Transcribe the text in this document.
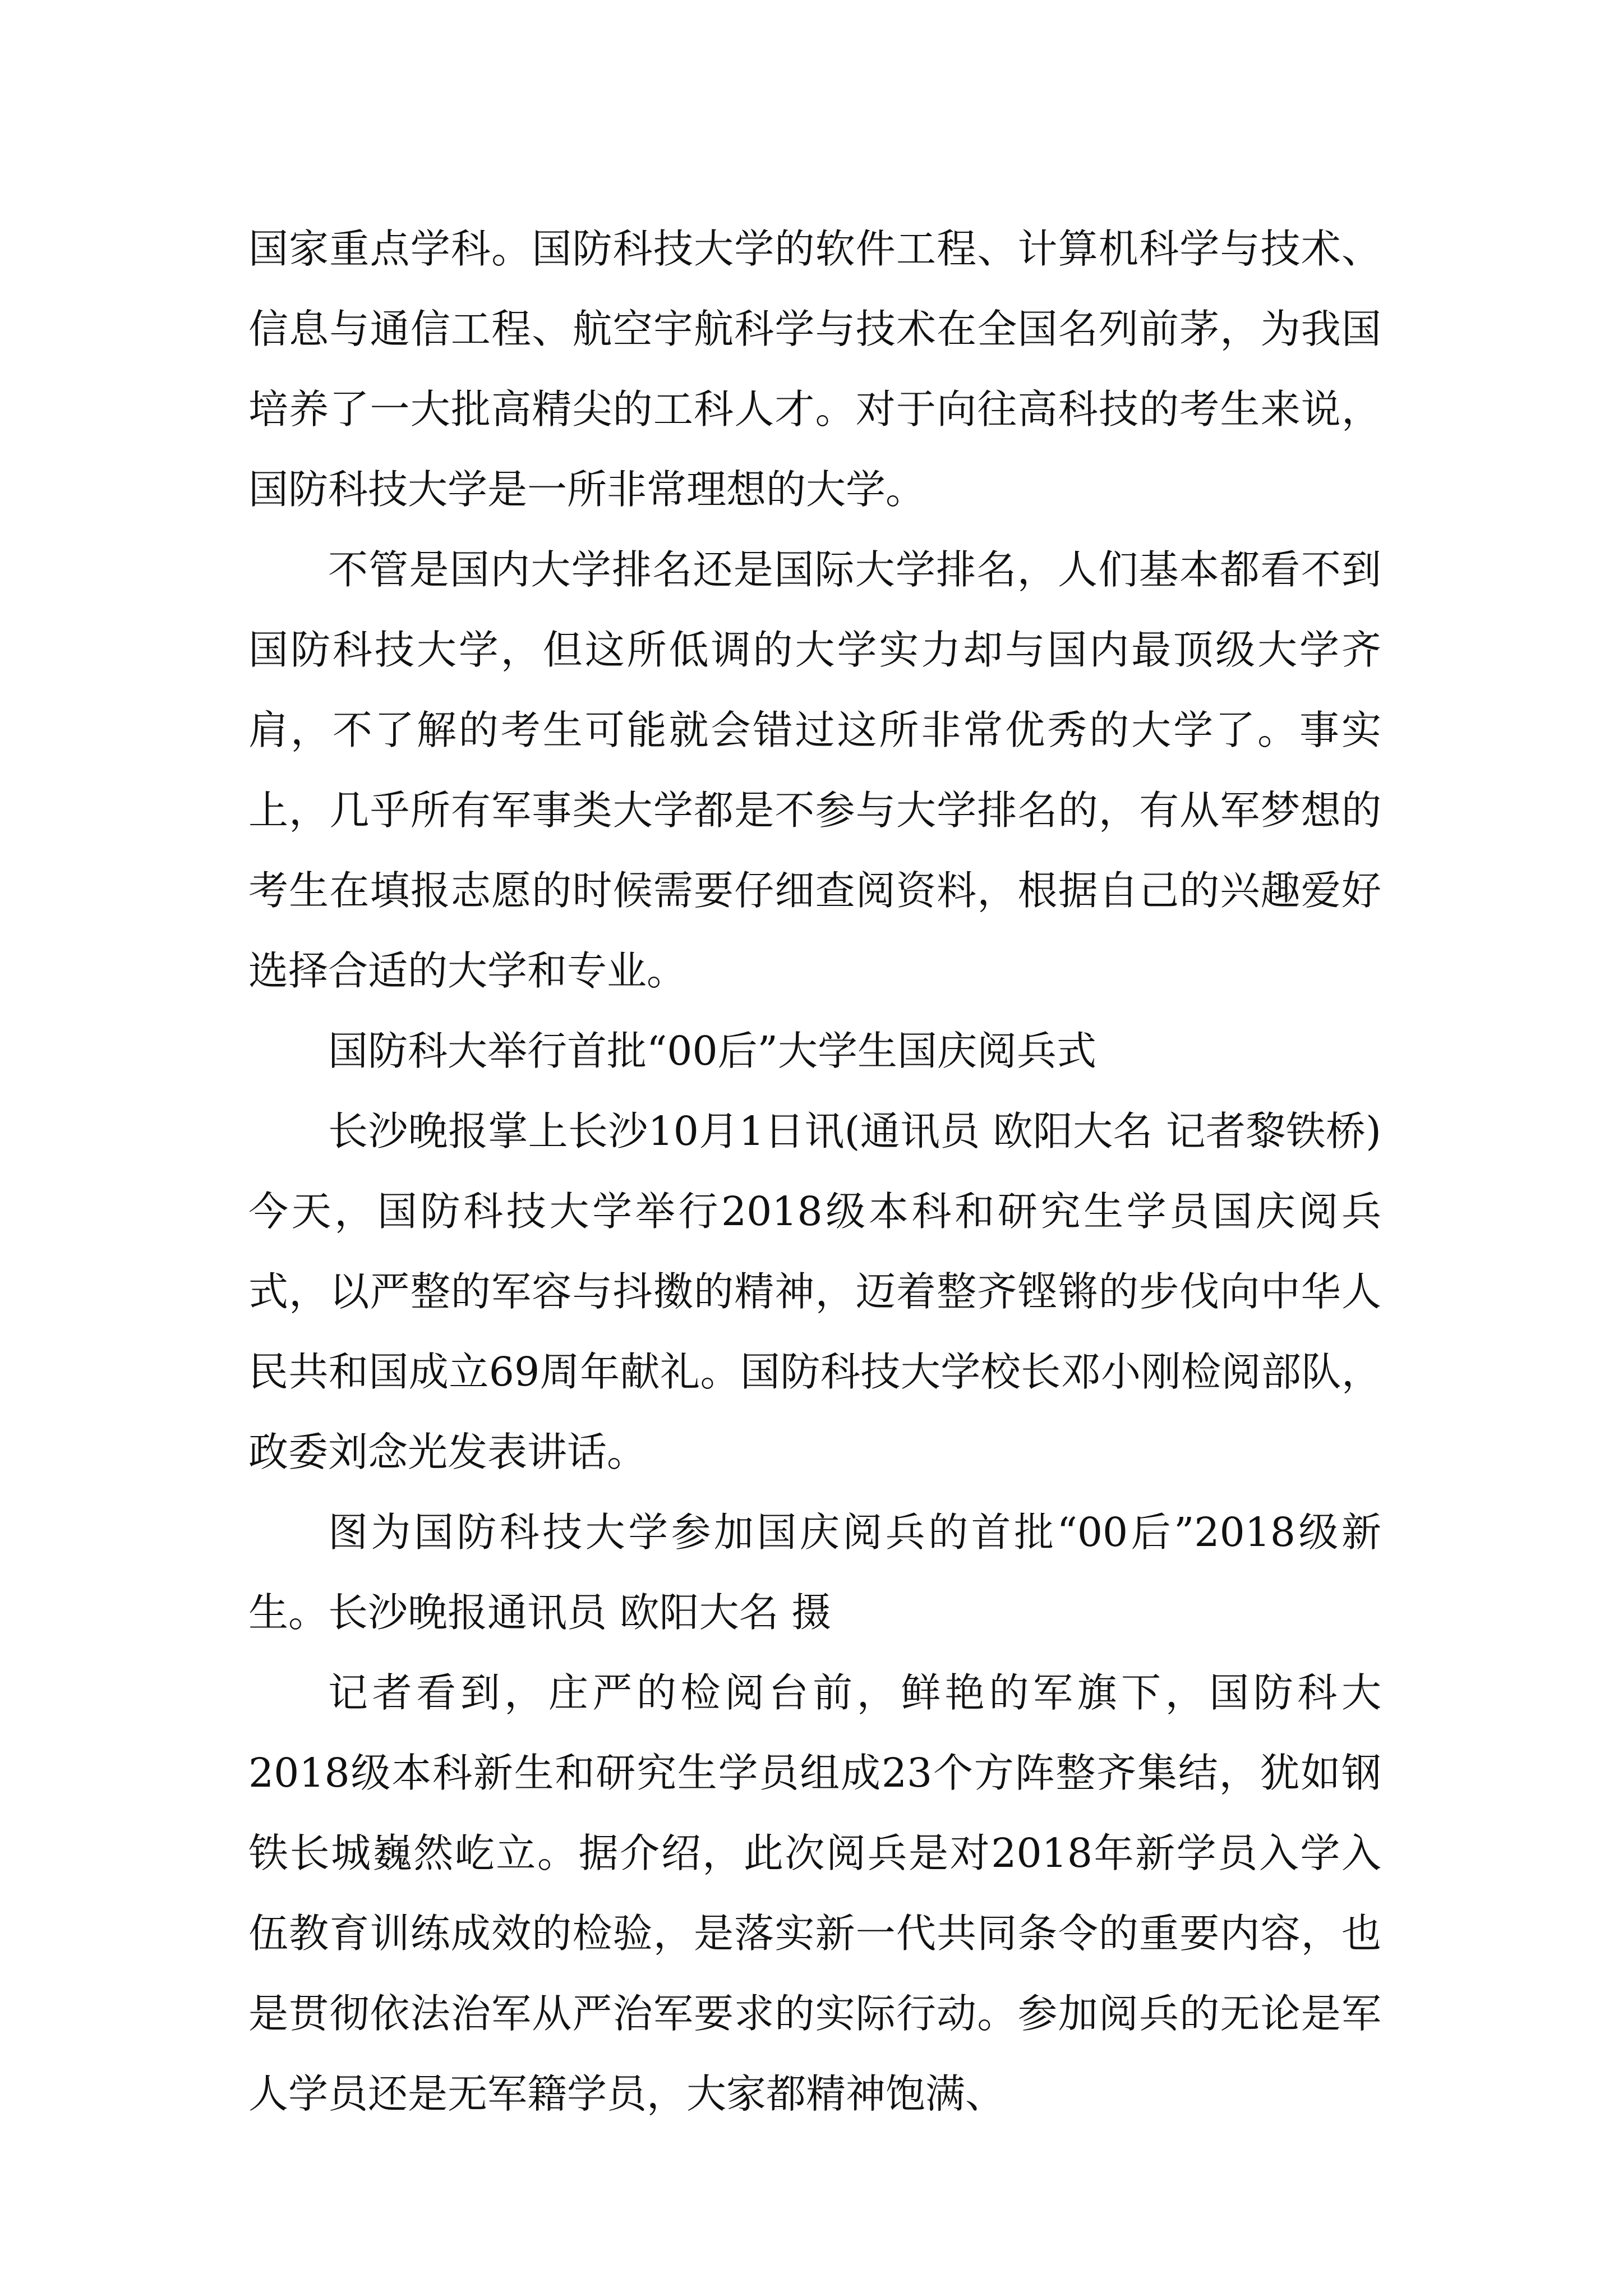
国家重点学科。国防科技大学的软件工程、计算机科学与技术、信息与通信工程、航空宇航科学与技术在全国名列前茅，为我国培养了一大批高精尖的工科人才。对于向往高科技的考生来说，国防科技大学是一所非常理想的大学。

不管是国内大学排名还是国际大学排名，人们基本都看不到国防科技大学，但这所低调的大学实力却与国内最顶级大学齐肩，不了解的考生可能就会错过这所非常优秀的大学了。事实上，几乎所有军事类大学都是不参与大学排名的，有从军梦想的考生在填报志愿的时候需要仔细查阅资料，根据自己的兴趣爱好选择合适的大学和专业。

国防科大举行首批“00后”大学生国庆阅兵式

长沙晚报掌上长沙10月1日讯(通讯员 欧阳大名 记者黎铁桥)今天，国防科技大学举行2018级本科和研究生学员国庆阅兵式，以严整的军容与抖擞的精神，迈着整齐铿锵的步伐向中华人民共和国成立69周年献礼。国防科技大学校长邓小刚检阅部队，政委刘念光发表讲话。

图为国防科技大学参加国庆阅兵的首批“00后”2018级新生。长沙晚报通讯员 欧阳大名 摄

记者看到，庄严的检阅台前，鲜艳的军旗下，国防科大2018级本科新生和研究生学员组成23个方阵整齐集结，犹如钢铁长城巍然屹立。据介绍，此次阅兵是对2018年新学员入学入伍教育训练成效的检验，是落实新一代共同条令的重要内容，也是贯彻依法治军从严治军要求的实际行动。参加阅兵的无论是军人学员还是无军籍学员，大家都精神饱满、
